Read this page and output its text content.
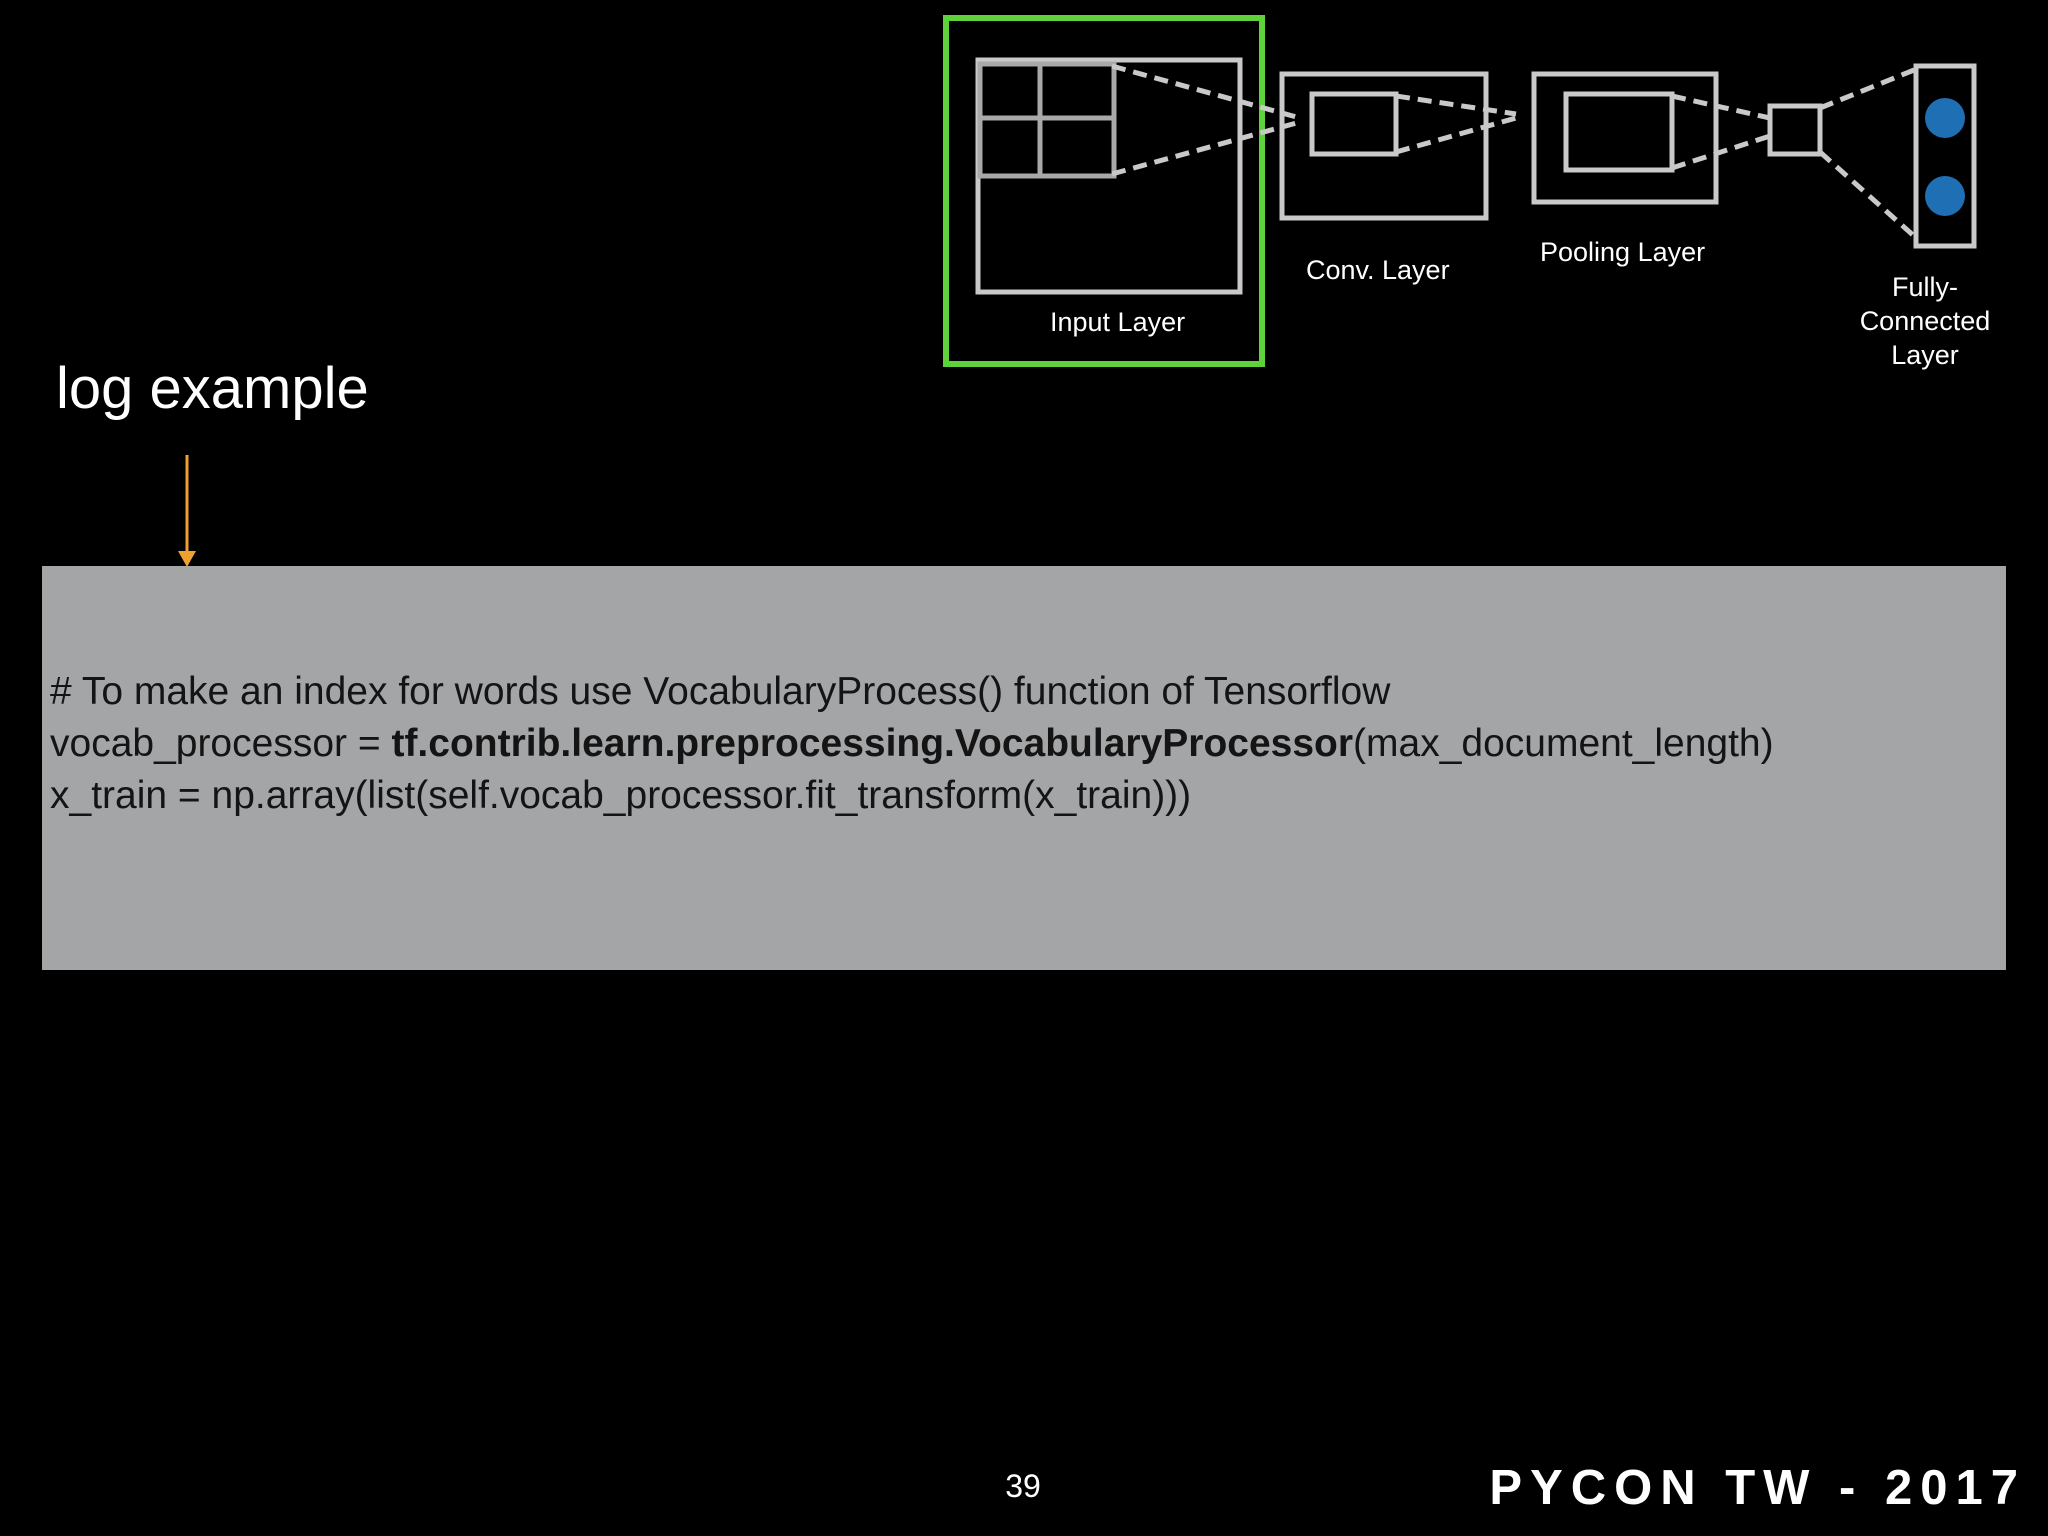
Input Layer
Conv. Layer
Pooling Layer
Fully-
Connected
Layer
log example
# To make an index for words use VocabularyProcess() function of Tensorflow
vocab_processor = tf.contrib.learn.preprocessing.VocabularyProcessor(max_document_length)
x_train = np.array(list(self.vocab_processor.fit_transform(x_train)))
39	PYCON TW - 2017
